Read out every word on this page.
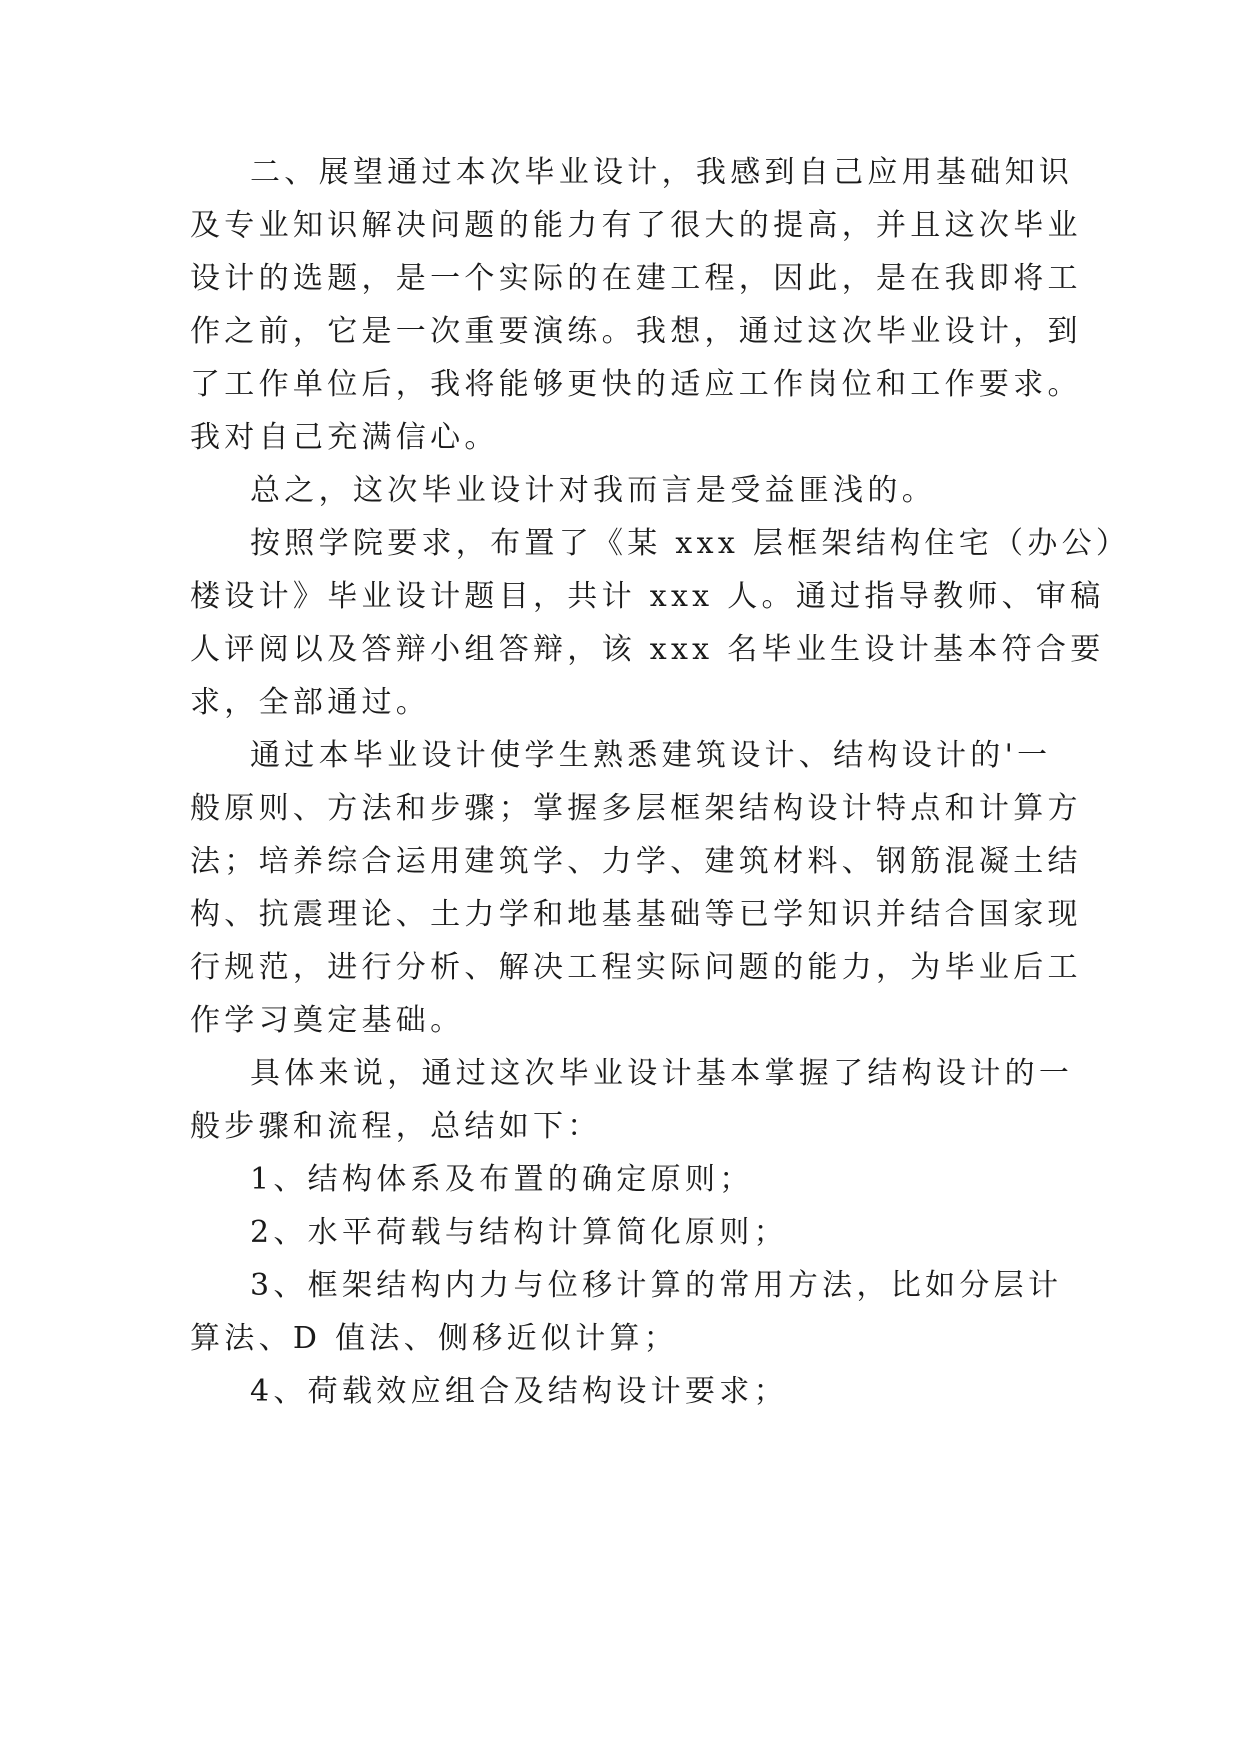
二、展望通过本次毕业设计，我感到自己应用基础知识
及专业知识解决问题的能力有了很大的提高，并且这次毕业
设计的选题，是一个实际的在建工程，因此，是在我即将工
作之前，它是一次重要演练。我想，通过这次毕业设计，到
了工作单位后，我将能够更快的适应工作岗位和工作要求。
我对自己充满信心。
总之，这次毕业设计对我而言是受益匪浅的。
按照学院要求，布置了《某 xxx 层框架结构住宅（办公）
楼设计》毕业设计题目，共计 xxx 人。通过指导教师、审稿
人评阅以及答辩小组答辩，该 xxx 名毕业生设计基本符合要
求，全部通过。
通过本毕业设计使学生熟悉建筑设计、结构设计的'一
般原则、方法和步骤；掌握多层框架结构设计特点和计算方
法；培养综合运用建筑学、力学、建筑材料、钢筋混凝土结
构、抗震理论、土力学和地基基础等已学知识并结合国家现
行规范，进行分析、解决工程实际问题的能力，为毕业后工
作学习奠定基础。
具体来说，通过这次毕业设计基本掌握了结构设计的一
般步骤和流程，总结如下：
1、结构体系及布置的确定原则；
2、水平荷载与结构计算简化原则；
3、框架结构内力与位移计算的常用方法，比如分层计
算法、D 值法、侧移近似计算；
4、荷载效应组合及结构设计要求；
